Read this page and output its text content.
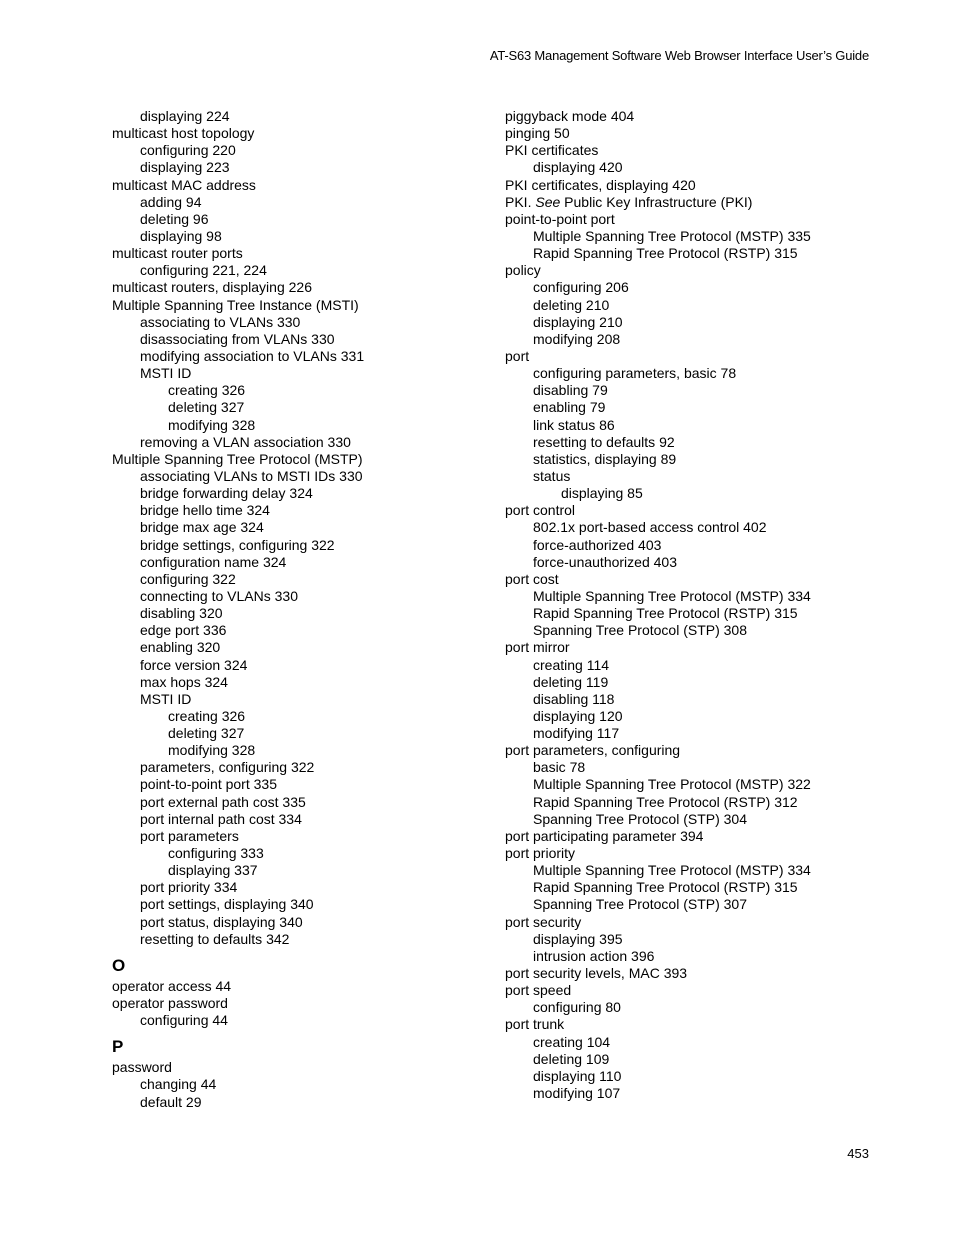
AT-S63 Management Software Web Browser Interface User’s Guide
displaying 224
multicast host topology
configuring 220
displaying 223
multicast MAC address
adding 94
deleting 96
displaying 98
multicast router ports
configuring 221, 224
multicast routers, displaying 226
Multiple Spanning Tree Instance (MSTI)
associating to VLANs 330
disassociating from VLANs 330
modifying association to VLANs 331
MSTI ID
creating 326
deleting 327
modifying 328
removing a VLAN association 330
Multiple Spanning Tree Protocol (MSTP)
associating VLANs to MSTI IDs 330
bridge forwarding delay 324
bridge hello time 324
bridge max age 324
bridge settings, configuring 322
configuration name 324
configuring 322
connecting to VLANs 330
disabling 320
edge port 336
enabling 320
force version 324
max hops 324
MSTI ID
creating 326
deleting 327
modifying 328
parameters, configuring 322
point-to-point port 335
port external path cost 335
port internal path cost 334
port parameters
configuring 333
displaying 337
port priority 334
port settings, displaying 340
port status, displaying 340
resetting to defaults 342
O
operator access 44
operator password
configuring 44
P
password
changing 44
default 29
piggyback mode 404
pinging 50
PKI certificates
displaying 420
PKI certificates, displaying 420
PKI. See Public Key Infrastructure (PKI)
point-to-point port
Multiple Spanning Tree Protocol (MSTP) 335
Rapid Spanning Tree Protocol (RSTP) 315
policy
configuring 206
deleting 210
displaying 210
modifying 208
port
configuring parameters, basic 78
disabling 79
enabling 79
link status 86
resetting to defaults 92
statistics, displaying 89
status
displaying 85
port control
802.1x port-based access control 402
force-authorized 403
force-unauthorized 403
port cost
Multiple Spanning Tree Protocol (MSTP) 334
Rapid Spanning Tree Protocol (RSTP) 315
Spanning Tree Protocol (STP) 308
port mirror
creating 114
deleting 119
disabling 118
displaying 120
modifying 117
port parameters, configuring
basic 78
Multiple Spanning Tree Protocol (MSTP) 322
Rapid Spanning Tree Protocol (RSTP) 312
Spanning Tree Protocol (STP) 304
port participating parameter 394
port priority
Multiple Spanning Tree Protocol (MSTP) 334
Rapid Spanning Tree Protocol (RSTP) 315
Spanning Tree Protocol (STP) 307
port security
displaying 395
intrusion action 396
port security levels, MAC 393
port speed
configuring 80
port trunk
creating 104
deleting 109
displaying 110
modifying 107
453
